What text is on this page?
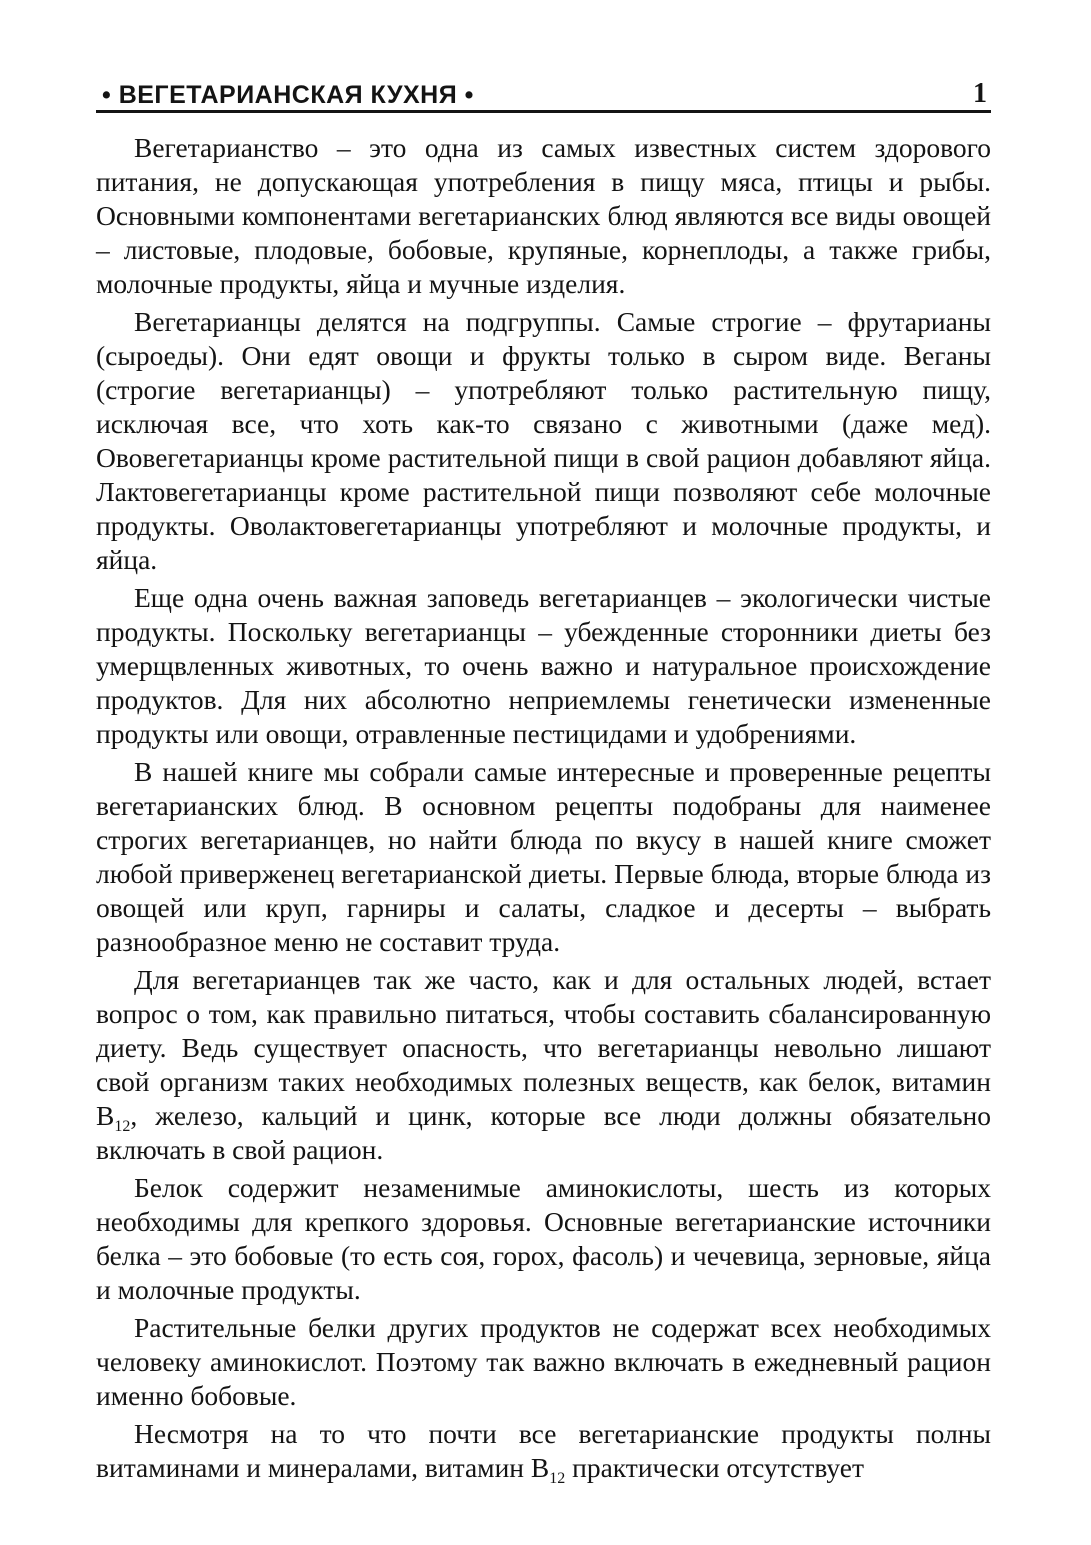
• ВЕГЕТАРИАНСКАЯ КУХНЯ •	1

Вегетарианство – это одна из самых известных систем здорового питания, не допускающая употребления в пищу мяса, птицы и рыбы. Основными компонентами вегетарианских блюд являются все виды овощей – листовые, плодовые, бобовые, крупяные, корнеплоды, а также грибы, молочные продукты, яйца и мучные изделия.

Вегетарианцы делятся на подгруппы. Самые строгие – фрутарианы (сыроеды). Они едят овощи и фрукты только в сыром виде. Веганы (строгие вегетарианцы) – употребляют только растительную пищу, исключая все, что хоть как-то связано с животными (даже мед). Ововегетарианцы кроме растительной пищи в свой рацион добавляют яйца. Лактовегетарианцы кроме растительной пищи позволяют себе молочные продукты. Оволактовегетарианцы употребляют и молочные продукты, и яйца.

Еще одна очень важная заповедь вегетарианцев – экологически чистые продукты. Поскольку вегетарианцы – убежденные сторонники диеты без умерщвленных животных, то очень важно и натуральное происхождение продуктов. Для них абсолютно неприемлемы генетически измененные продукты или овощи, отравленные пестицидами и удобрениями.

В нашей книге мы собрали самые интересные и проверенные рецепты вегетарианских блюд. В основном рецепты подобраны для наименее строгих вегетарианцев, но найти блюда по вкусу в нашей книге сможет любой приверженец вегетарианской диеты. Первые блюда, вторые блюда из овощей или круп, гарниры и салаты, сладкое и десерты – выбрать разнообразное меню не составит труда.

Для вегетарианцев так же часто, как и для остальных людей, встает вопрос о том, как правильно питаться, чтобы составить сбалансированную диету. Ведь существует опасность, что вегетарианцы невольно лишают свой организм таких необходимых полезных веществ, как белок, витамин $В_{12}$, железо, кальций и цинк, которые все люди должны обязательно включать в свой рацион.

Белок содержит незаменимые аминокислоты, шесть из которых необходимы для крепкого здоровья. Основные вегетарианские источники белка – это бобовые (то есть соя, горох, фасоль) и чечевица, зерновые, яйца и молочные продукты.

Растительные белки других продуктов не содержат всех необходимых человеку аминокислот. Поэтому так важно включать в ежедневный рацион именно бобовые.

Несмотря на то что почти все вегетарианские продукты полны витаминами и минералами, витамин $В_{12}$ практически отсутствует
